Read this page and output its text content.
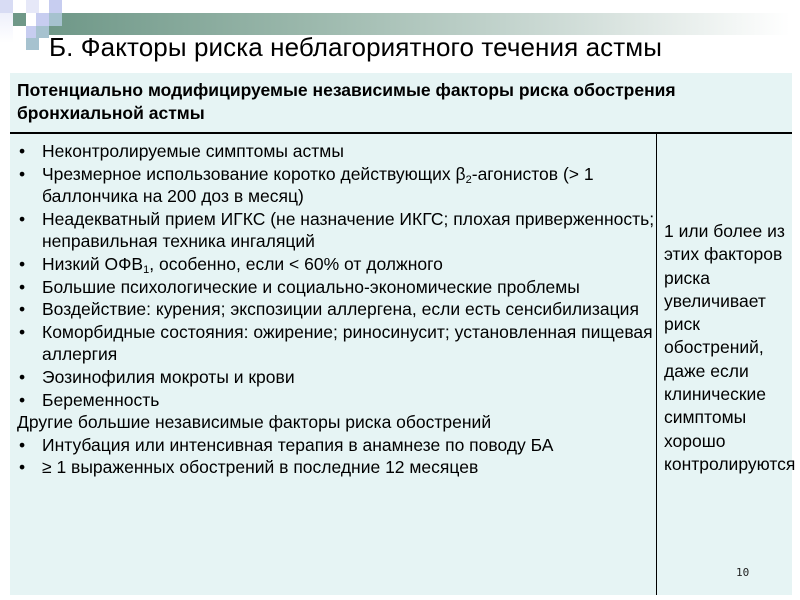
Б. Факторы риска неблагориятного течения астмы
Потенциально модифицируемые независимые факторы риска обострения бронхиальной астмы
• Неконтролируемые симптомы астмы
• Чрезмерное использование коротко действующих $\beta_2$-агонистов (> 1 баллончика на 200 доз в месяц)
• Неадекватный прием ИГКС (не назначение ИКГС; плохая приверженность; неправильная техника ингаляций
• Низкий $ОФВ_1$, особенно, если < 60% от должного
• Большие психологические и социально-экономические проблемы
• Воздействие: курения; экспозиции аллергена, если есть сенсибилизация
• Коморбидные состояния: ожирение; риносинусит; установленная пищевая аллергия
• Эозинофилия мокроты и крови
• Беременность
Другие большие независимые факторы риска обострений
• Интубация или интенсивная терапия в анамнезе по поводу БА
• ≥ 1 выраженных обострений в последние 12 месяцев
1 или более из этих факторов риска увеличивает риск обострений, даже если клинические симптомы хорошо контролируются
10
